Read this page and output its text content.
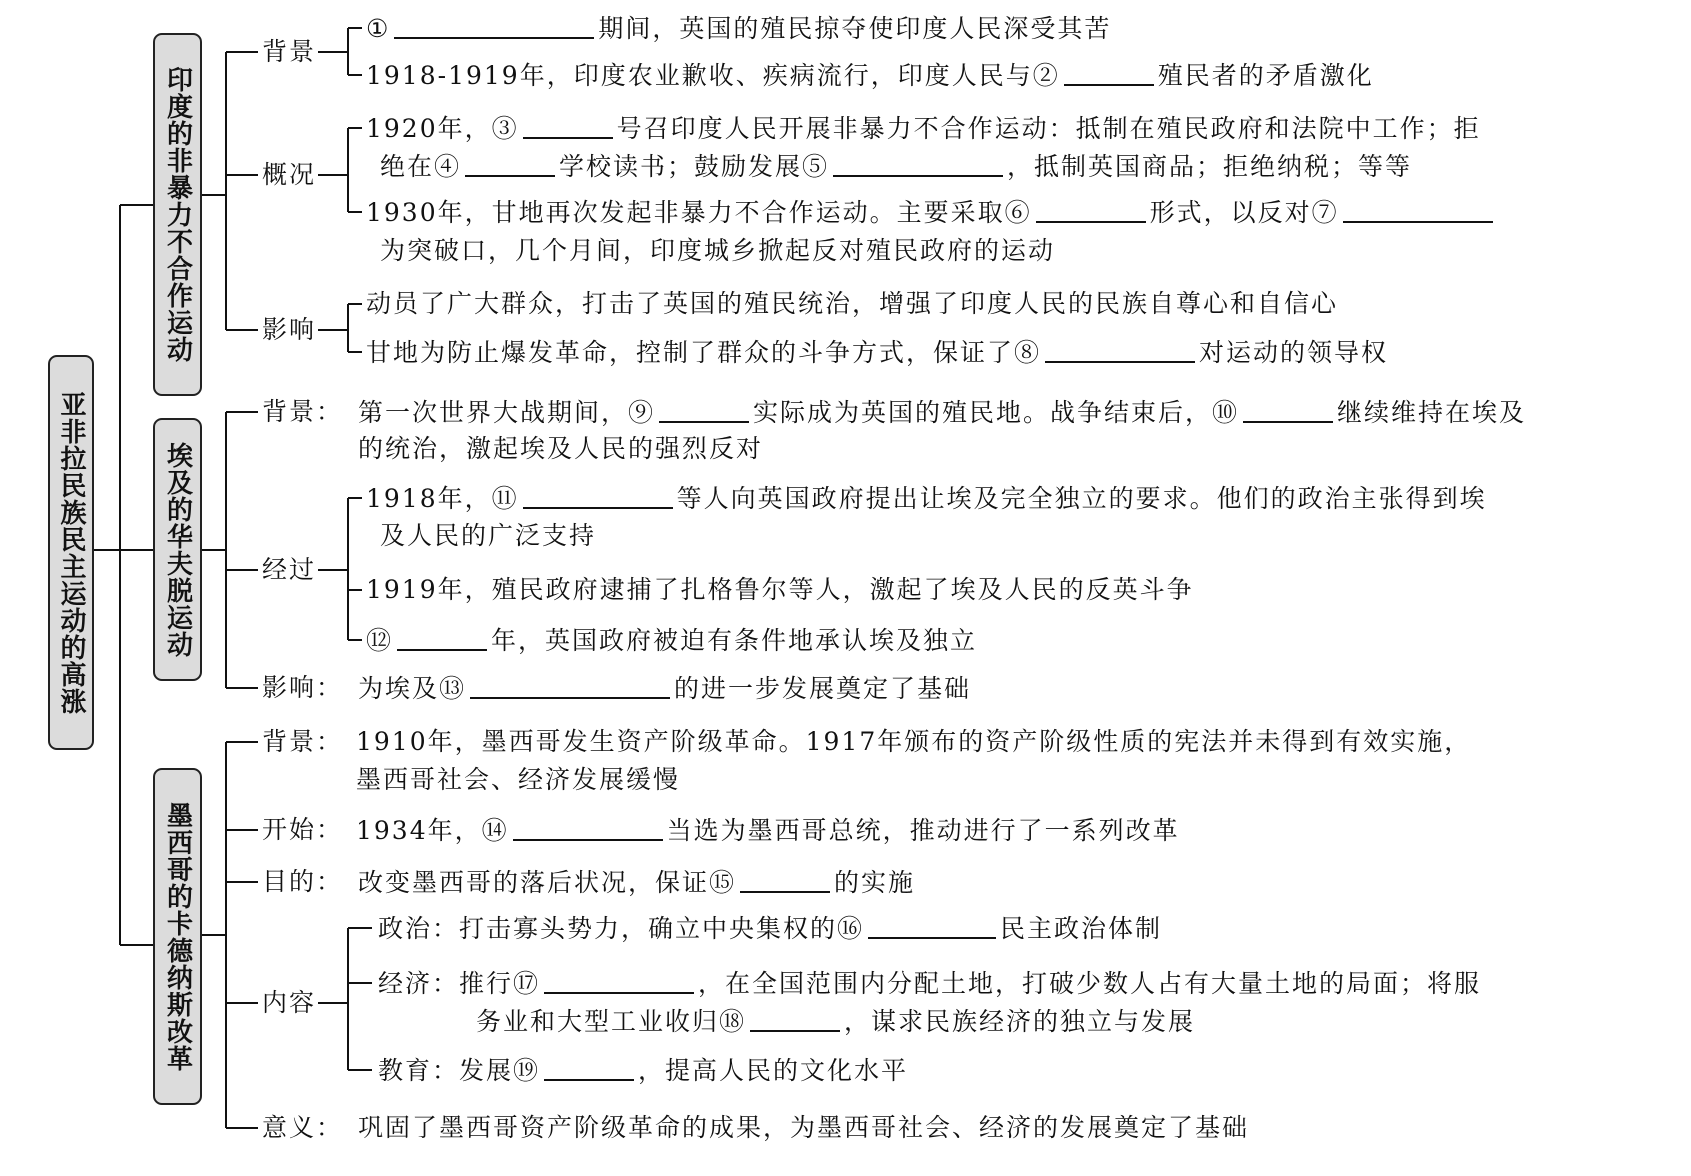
亚非拉民族民主运动的高涨
印度的非暴力不合作运动
埃及的华夫脱运动
墨西哥的卡德纳斯改革
背景
概况
影响
①	期间，英国的殖民掠夺使印度人民深受其苦
1918-1919年，印度农业歉收、疾病流行，印度人民与②	殖民者的矛盾激化
1920年，③	号召印度人民开展非暴力不合作运动：抵制在殖民政府和法院中工作；拒
绝在④	学校读书；鼓励发展⑤	，抵制英国商品；拒绝纳税；等等
1930年，甘地再次发起非暴力不合作运动。主要采取⑥	形式，以反对⑦
为突破口，几个月间，印度城乡掀起反对殖民政府的运动
动员了广大群众，打击了英国的殖民统治，增强了印度人民的民族自尊心和自信心
甘地为防止爆发革命，控制了群众的斗争方式，保证了⑧	对运动的领导权
背景：
经过
影响：
第一次世界大战期间，⑨	实际成为英国的殖民地。战争结束后，⑩	继续维持在埃及
的统治，激起埃及人民的强烈反对
1918年，⑪	等人向英国政府提出让埃及完全独立的要求。他们的政治主张得到埃
及人民的广泛支持
1919年，殖民政府逮捕了扎格鲁尔等人，激起了埃及人民的反英斗争
⑫	年，英国政府被迫有条件地承认埃及独立
为埃及⑬	的进一步发展奠定了基础
背景：
开始：
目的：
内容
意义：
1910年，墨西哥发生资产阶级革命。1917年颁布的资产阶级性质的宪法并未得到有效实施，
墨西哥社会、经济发展缓慢
1934年，⑭	当选为墨西哥总统，推动进行了一系列改革
改变墨西哥的落后状况，保证⑮	的实施
政治：打击寡头势力，确立中央集权的⑯	民主政治体制
经济：推行⑰	，在全国范围内分配土地，打破少数人占有大量土地的局面；将服
务业和大型工业收归⑱	，谋求民族经济的独立与发展
教育：发展⑲	，提高人民的文化水平
巩固了墨西哥资产阶级革命的成果，为墨西哥社会、经济的发展奠定了基础
